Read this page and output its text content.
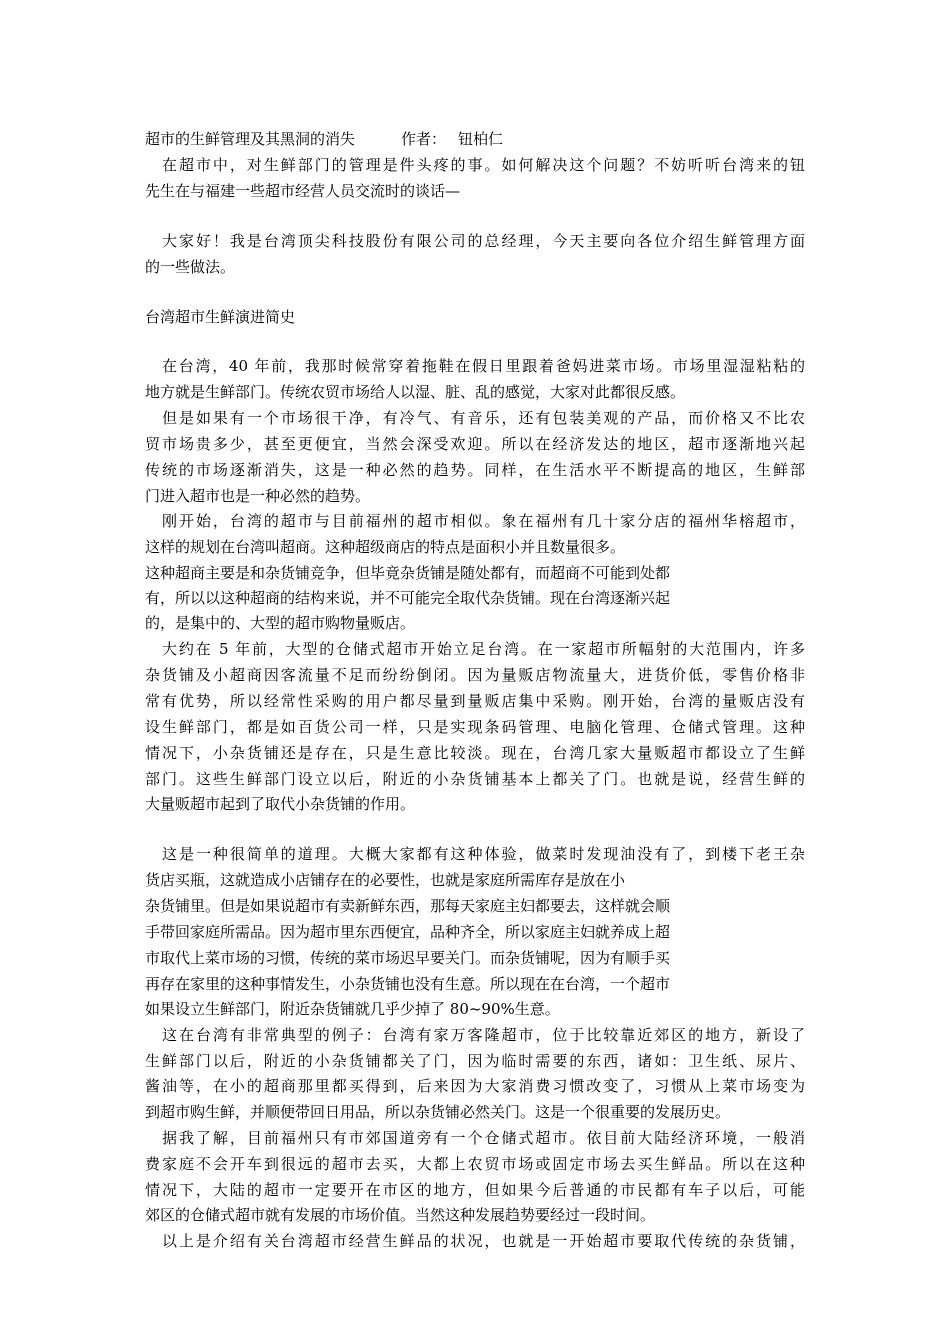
超市的生鲜管理及其黑洞的消失	作者： 钮柏仁
在超市中，对生鲜部门的管理是件头疼的事。如何解决这个问题？不妨听听台湾来的钮
先生在与福建一些超市经营人员交流时的谈话—
大家好！我是台湾顶尖科技股份有限公司的总经理，今天主要向各位介绍生鲜管理方面
的一些做法。
台湾超市生鲜演进简史
在台湾，40 年前，我那时候常穿着拖鞋在假日里跟着爸妈进菜市场。市场里湿湿粘粘的
地方就是生鲜部门。传统农贸市场给人以湿、脏、乱的感觉，大家对此都很反感。
但是如果有一个市场很干净，有冷气、有音乐，还有包装美观的产品，而价格又不比农
贸市场贵多少，甚至更便宜，当然会深受欢迎。所以在经济发达的地区，超市逐渐地兴起
传统的市场逐渐消失，这是一种必然的趋势。同样，在生活水平不断提高的地区，生鲜部
门进入超市也是一种必然的趋势。
刚开始，台湾的超市与目前福州的超市相似。象在福州有几十家分店的福州华榕超市，
这样的规划在台湾叫超商。这种超级商店的特点是面积小并且数量很多。
这种超商主要是和杂货铺竞争，但毕竟杂货铺是随处都有，而超商不可能到处都
有，所以以这种超商的结构来说，并不可能完全取代杂货铺。现在台湾逐渐兴起
的，是集中的、大型的超市购物量贩店。
大约在 5 年前，大型的仓储式超市开始立足台湾。在一家超市所幅射的大范围内，许多
杂货铺及小超商因客流量不足而纷纷倒闭。因为量贩店物流量大，进货价低，零售价格非
常有优势，所以经常性采购的用户都尽量到量贩店集中采购。刚开始，台湾的量贩店没有
设生鲜部门，都是如百货公司一样，只是实现条码管理、电脑化管理、仓储式管理。这种
情况下，小杂货铺还是存在，只是生意比较淡。现在，台湾几家大量贩超市都设立了生鲜
部门。这些生鲜部门设立以后，附近的小杂货铺基本上都关了门。也就是说，经营生鲜的
大量贩超市起到了取代小杂货铺的作用。
这是一种很简单的道理。大概大家都有这种体验，做菜时发现油没有了，到楼下老王杂
货店买瓶，这就造成小店铺存在的必要性，也就是家庭所需库存是放在小
杂货铺里。但是如果说超市有卖新鲜东西，那每天家庭主妇都要去，这样就会顺
手带回家庭所需品。因为超市里东西便宜，品种齐全，所以家庭主妇就养成上超
市取代上菜市场的习惯，传统的菜市场迟早要关门。而杂货铺呢，因为有顺手买
再存在家里的这种事情发生，小杂货铺也没有生意。所以现在在台湾，一个超市
如果设立生鲜部门，附近杂货铺就几乎少掉了 80~90%生意。
这在台湾有非常典型的例子：台湾有家万客隆超市，位于比较靠近郊区的地方，新设了
生鲜部门以后，附近的小杂货铺都关了门，因为临时需要的东西，诸如：卫生纸、尿片、
酱油等，在小的超商那里都买得到，后来因为大家消费习惯改变了，习惯从上菜市场变为
到超市购生鲜，并顺便带回日用品，所以杂货铺必然关门。这是一个很重要的发展历史。
据我了解，目前福州只有市郊国道旁有一个仓储式超市。依目前大陆经济环境，一般消
费家庭不会开车到很远的超市去买，大都上农贸市场或固定市场去买生鲜品。所以在这种
情况下，大陆的超市一定要开在市区的地方，但如果今后普通的市民都有车子以后，可能
郊区的仓储式超市就有发展的市场价值。当然这种发展趋势要经过一段时间。
以上是介绍有关台湾超市经营生鲜品的状况，也就是一开始超市要取代传统的杂货铺，
